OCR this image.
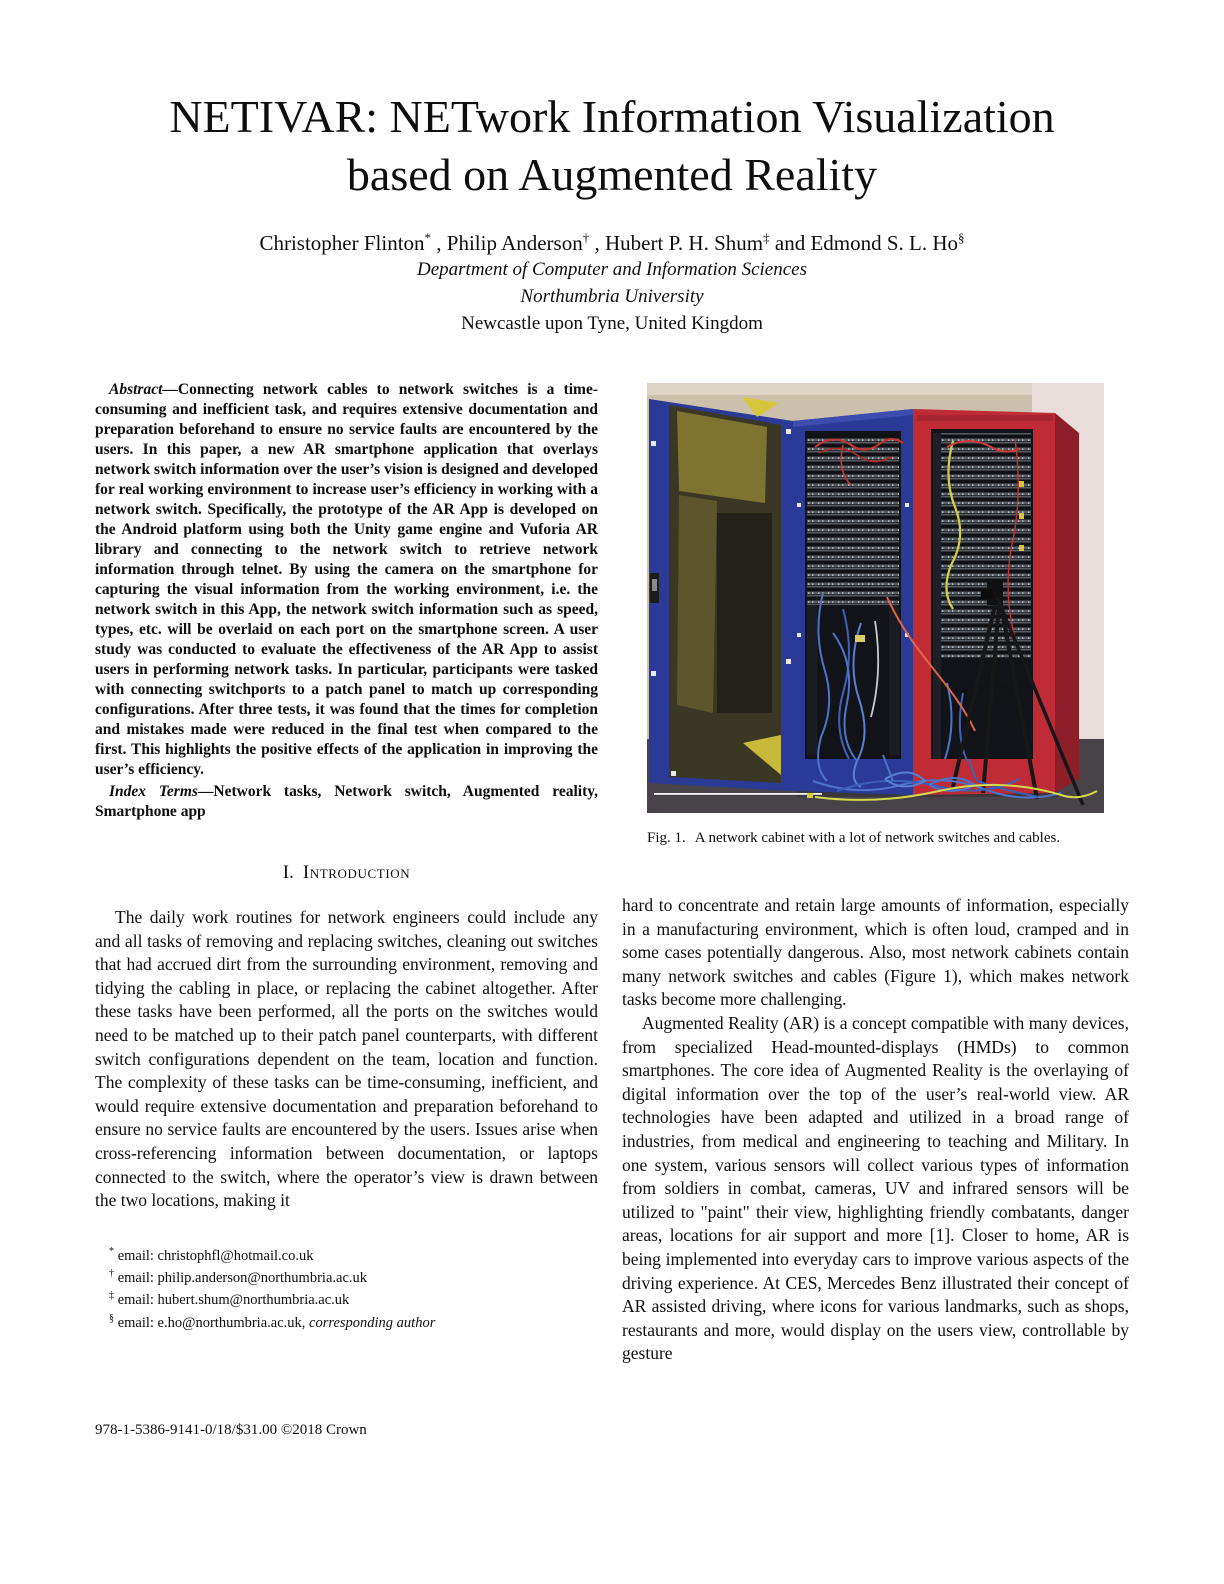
NETIVAR: NETwork Information Visualization
based on Augmented Reality
Christopher Flinton* , Philip Anderson† , Hubert P. H. Shum‡ and Edmond S. L. Ho§
Department of Computer and Information Sciences
Northumbria University
Newcastle upon Tyne, United Kingdom

Abstract—Connecting network cables to network switches is a time-consuming and inefficient task, and requires extensive documentation and preparation beforehand to ensure no service faults are encountered by the users. In this paper, a new AR smartphone application that overlays network switch information over the user’s vision is designed and developed for real working environment to increase user’s efficiency in working with a network switch. Specifically, the prototype of the AR App is developed on the Android platform using both the Unity game engine and Vuforia AR library and connecting to the network switch to retrieve network information through telnet. By using the camera on the smartphone for capturing the visual information from the working environment, i.e. the network switch in this App, the network switch information such as speed, types, etc. will be overlaid on each port on the smartphone screen. A user study was conducted to evaluate the effectiveness of the AR App to assist users in performing network tasks. In particular, participants were tasked with connecting switchports to a patch panel to match up corresponding configurations. After three tests, it was found that the times for completion and mistakes made were reduced in the final test when compared to the first. This highlights the positive effects of the application in improving the user’s efficiency.

Index Terms—Network tasks, Network switch, Augmented reality, Smartphone app

I. Introduction

The daily work routines for network engineers could include any and all tasks of removing and replacing switches, cleaning out switches that had accrued dirt from the surrounding environment, removing and tidying the cabling in place, or replacing the cabinet altogether. After these tasks have been performed, all the ports on the switches would need to be matched up to their patch panel counterparts, with different switch configurations dependent on the team, location and function. The complexity of these tasks can be time-consuming, inefficient, and would require extensive documentation and preparation beforehand to ensure no service faults are encountered by the users. Issues arise when cross-referencing information between documentation, or laptops connected to the switch, where the operator’s view is drawn between the two locations, making it

* email: christophfl@hotmail.co.uk
† email: philip.anderson@northumbria.ac.uk
‡ email: hubert.shum@northumbria.ac.uk
§ email: e.ho@northumbria.ac.uk, corresponding author
978-1-5386-9141-0/18/$31.00 ©2018 Crown

Fig. 1. A network cabinet with a lot of network switches and cables.

hard to concentrate and retain large amounts of information, especially in a manufacturing environment, which is often loud, cramped and in some cases potentially dangerous. Also, most network cabinets contain many network switches and cables (Figure 1), which makes network tasks become more challenging.

Augmented Reality (AR) is a concept compatible with many devices, from specialized Head-mounted-displays (HMDs) to common smartphones. The core idea of Augmented Reality is the overlaying of digital information over the top of the user’s real-world view. AR technologies have been adapted and utilized in a broad range of industries, from medical and engineering to teaching and Military. In one system, various sensors will collect various types of information from soldiers in combat, cameras, UV and infrared sensors will be utilized to "paint" their view, highlighting friendly combatants, danger areas, locations for air support and more [1]. Closer to home, AR is being implemented into everyday cars to improve various aspects of the driving experience. At CES, Mercedes Benz illustrated their concept of AR assisted driving, where icons for various landmarks, such as shops, restaurants and more, would display on the users view, controllable by gesture
